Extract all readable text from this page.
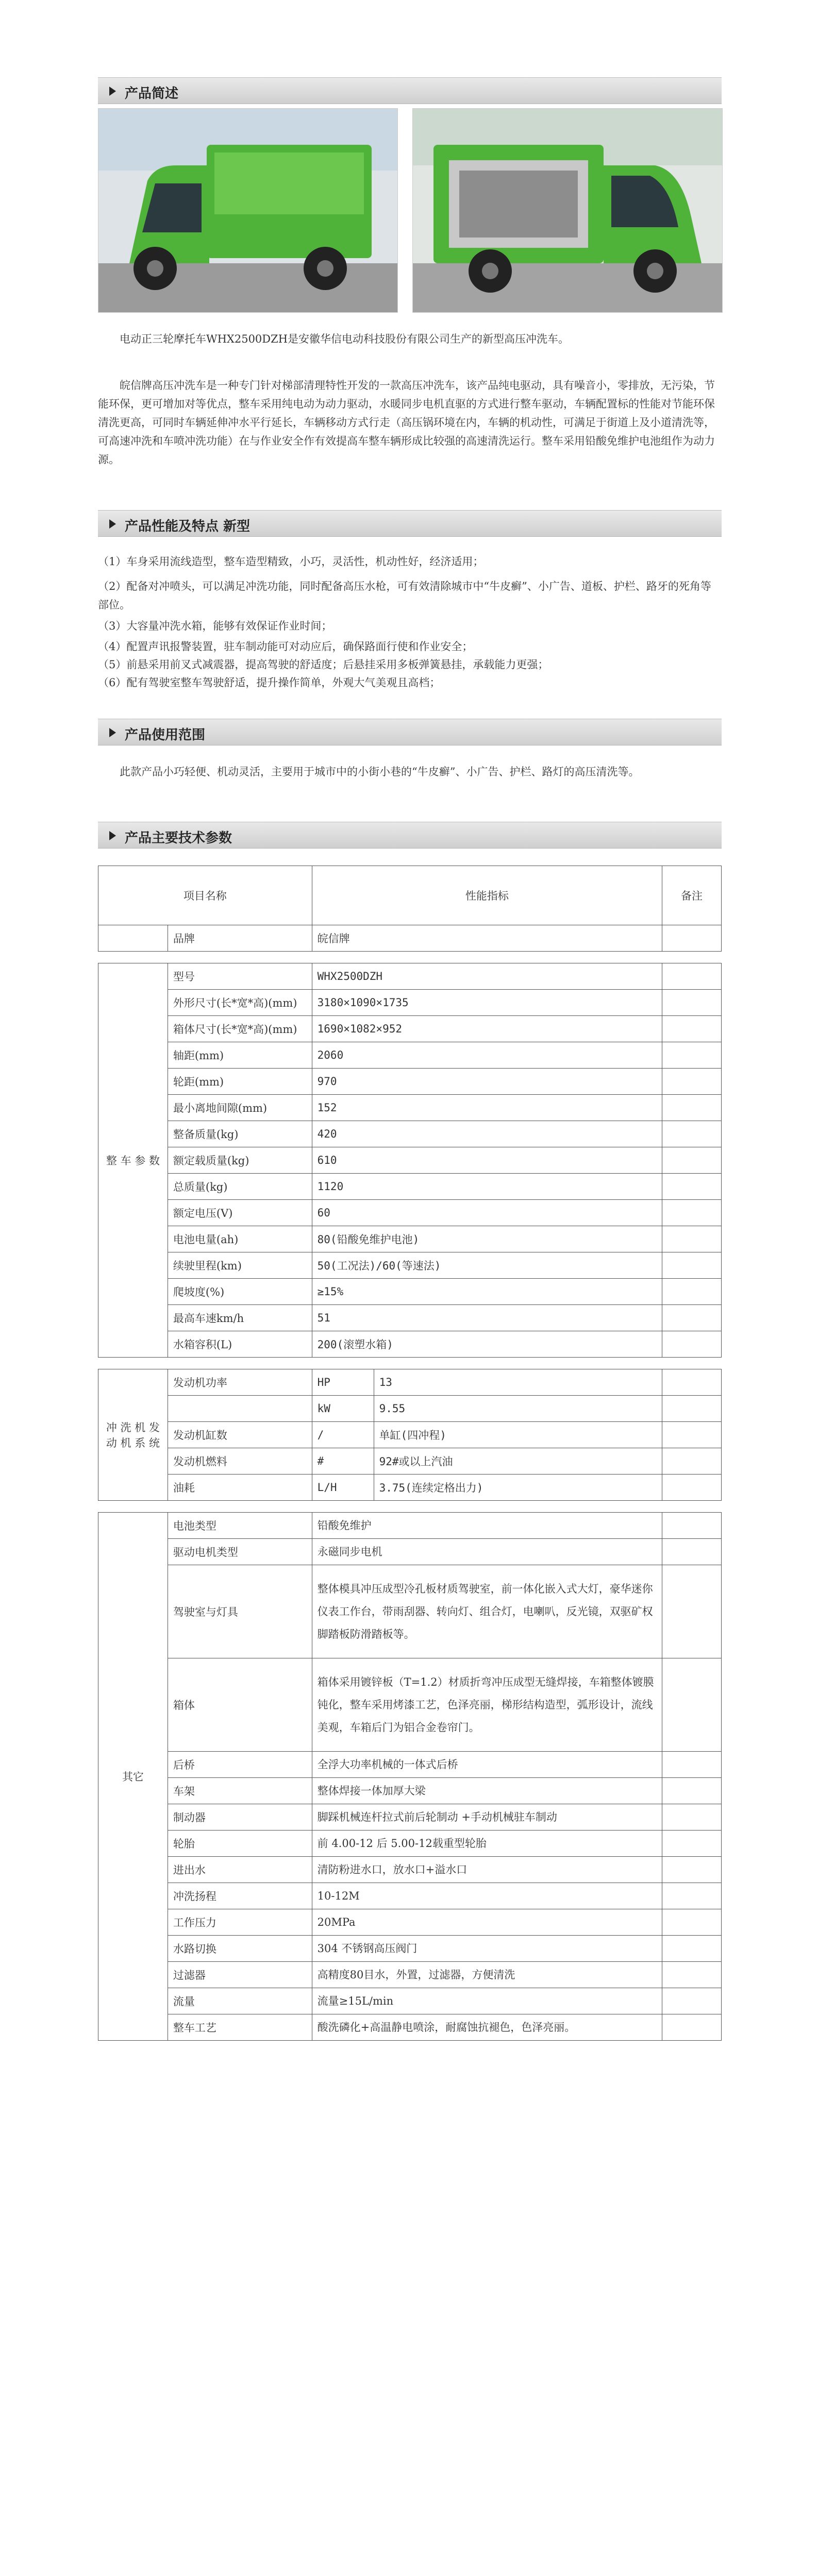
产品简述

电动正三轮摩托车WHX2500DZH是安徽华信电动科技股份有限公司生产的新型高压冲洗车。

皖信牌高压冲洗车是一种专门针对梯部清理特性开发的一款高压冲洗车，该产品纯电驱动，具有噪音小，零排放，无污染，节能环保，更可增加对等优点，整车采用纯电动为动力驱动，水暖同步电机直驱的方式进行整车驱动，车辆配置标的性能对节能环保清洗更高，可同时车辆延伸冲水平行延长，车辆移动方式行走（高压锅环境在内，车辆的机动性，可满足于街道上及小道清洗等，可高速冲洗和车喷冲洗功能）在与作业安全作有效提高车整车辆形成比较强的高速清洗运行。整车采用铅酸免维护电池组作为动力源。

产品性能及特点 新型
（1）车身采用流线造型，整车造型精致，小巧，灵活性，机动性好，经济适用；

（2）配备对冲喷头，可以满足冲洗功能，同时配备高压水枪，可有效清除城市中“牛皮癣”、小广告、道板、护栏、路牙的死角等部位。

（3）大容量冲洗水箱，能够有效保证作业时间；
（4）配置声讯报警装置，驻车制动能可对动应后，确保路面行使和作业安全；
（5）前悬采用前叉式减震器，提高驾驶的舒适度；后悬挂采用多板弹簧悬挂，承载能力更强；
（6）配有驾驶室整车驾驶舒适，提升操作简单，外观大气美观且高档；
产品使用范围

此款产品小巧轻便、机动灵活，主要用于城市中的小街小巷的“牛皮癣”、小广告、护栏、路灯的高压清洗等。

产品主要技术参数
项目名称		性能指标		备注
	品牌	皖信牌		

整 车 参 数	型号	WHX2500DZH		
	外形尺寸(长*宽*高)(mm)	3180×1090×1735		
	箱体尺寸(长*宽*高)(mm)	1690×1082×952		
	轴距(mm)	2060		
	轮距(mm)	970		
	最小离地间隙(mm)	152		
	整备质量(kg)	420		
	额定载质量(kg)	610		
	总质量(kg)	1120		
	额定电压(V)	60		
	电池电量(ah)	80(铅酸免维护电池)		
	续驶里程(km)	50(工况法)/60(等速法)		
	爬坡度(%)	≥15%		
	最高车速km/h	51		
	水箱容积(L)	200(滚塑水箱)		

冲 洗 机 发 动 机 系 统	发动机功率	HP	13	
		kW	9.55	
	发动机缸数	/	单缸(四冲程)	
	发动机燃料	#	92#或以上汽油	
	油耗	L/H	3.75(连续定格出力)	

其它	电池类型	铅酸免维护		
	驱动电机类型	永磁同步电机		
	驾驶室与灯具	整体模具冲压成型冷孔板材质驾驶室，前一体化嵌入式大灯，豪华迷你仪表工作台，带雨刮器、转向灯、组合灯，电喇叭，反光镜，双驱矿权脚踏板防滑踏板等。		
	箱体	箱体采用镀锌板（T=1.2）材质折弯冲压成型无缝焊接，车箱整体镀膜钝化，整车采用烤漆工艺，色泽亮丽，梯形结构造型，弧形设计，流线美观，车箱后门为铝合金卷帘门。		
	后桥	全浮大功率机械的一体式后桥		
	车架	整体焊接一体加厚大梁		
	制动器	脚踩机械连杆拉式前后轮制动 +手动机械驻车制动		
	轮胎	前 4.00-12 后 5.00-12载重型轮胎		
	进出水	清防粉进水口，放水口+溢水口		
	冲洗扬程	10-12M		
	工作压力	20MPa		
	水路切换	304 不锈钢高压阀门		
	过滤器	高精度80目水，外置，过滤器，方便清洗		
	流量	流量≥15L/min		
	整车工艺	酸洗磷化+高温静电喷涂，耐腐蚀抗褪色，色泽亮丽。		
